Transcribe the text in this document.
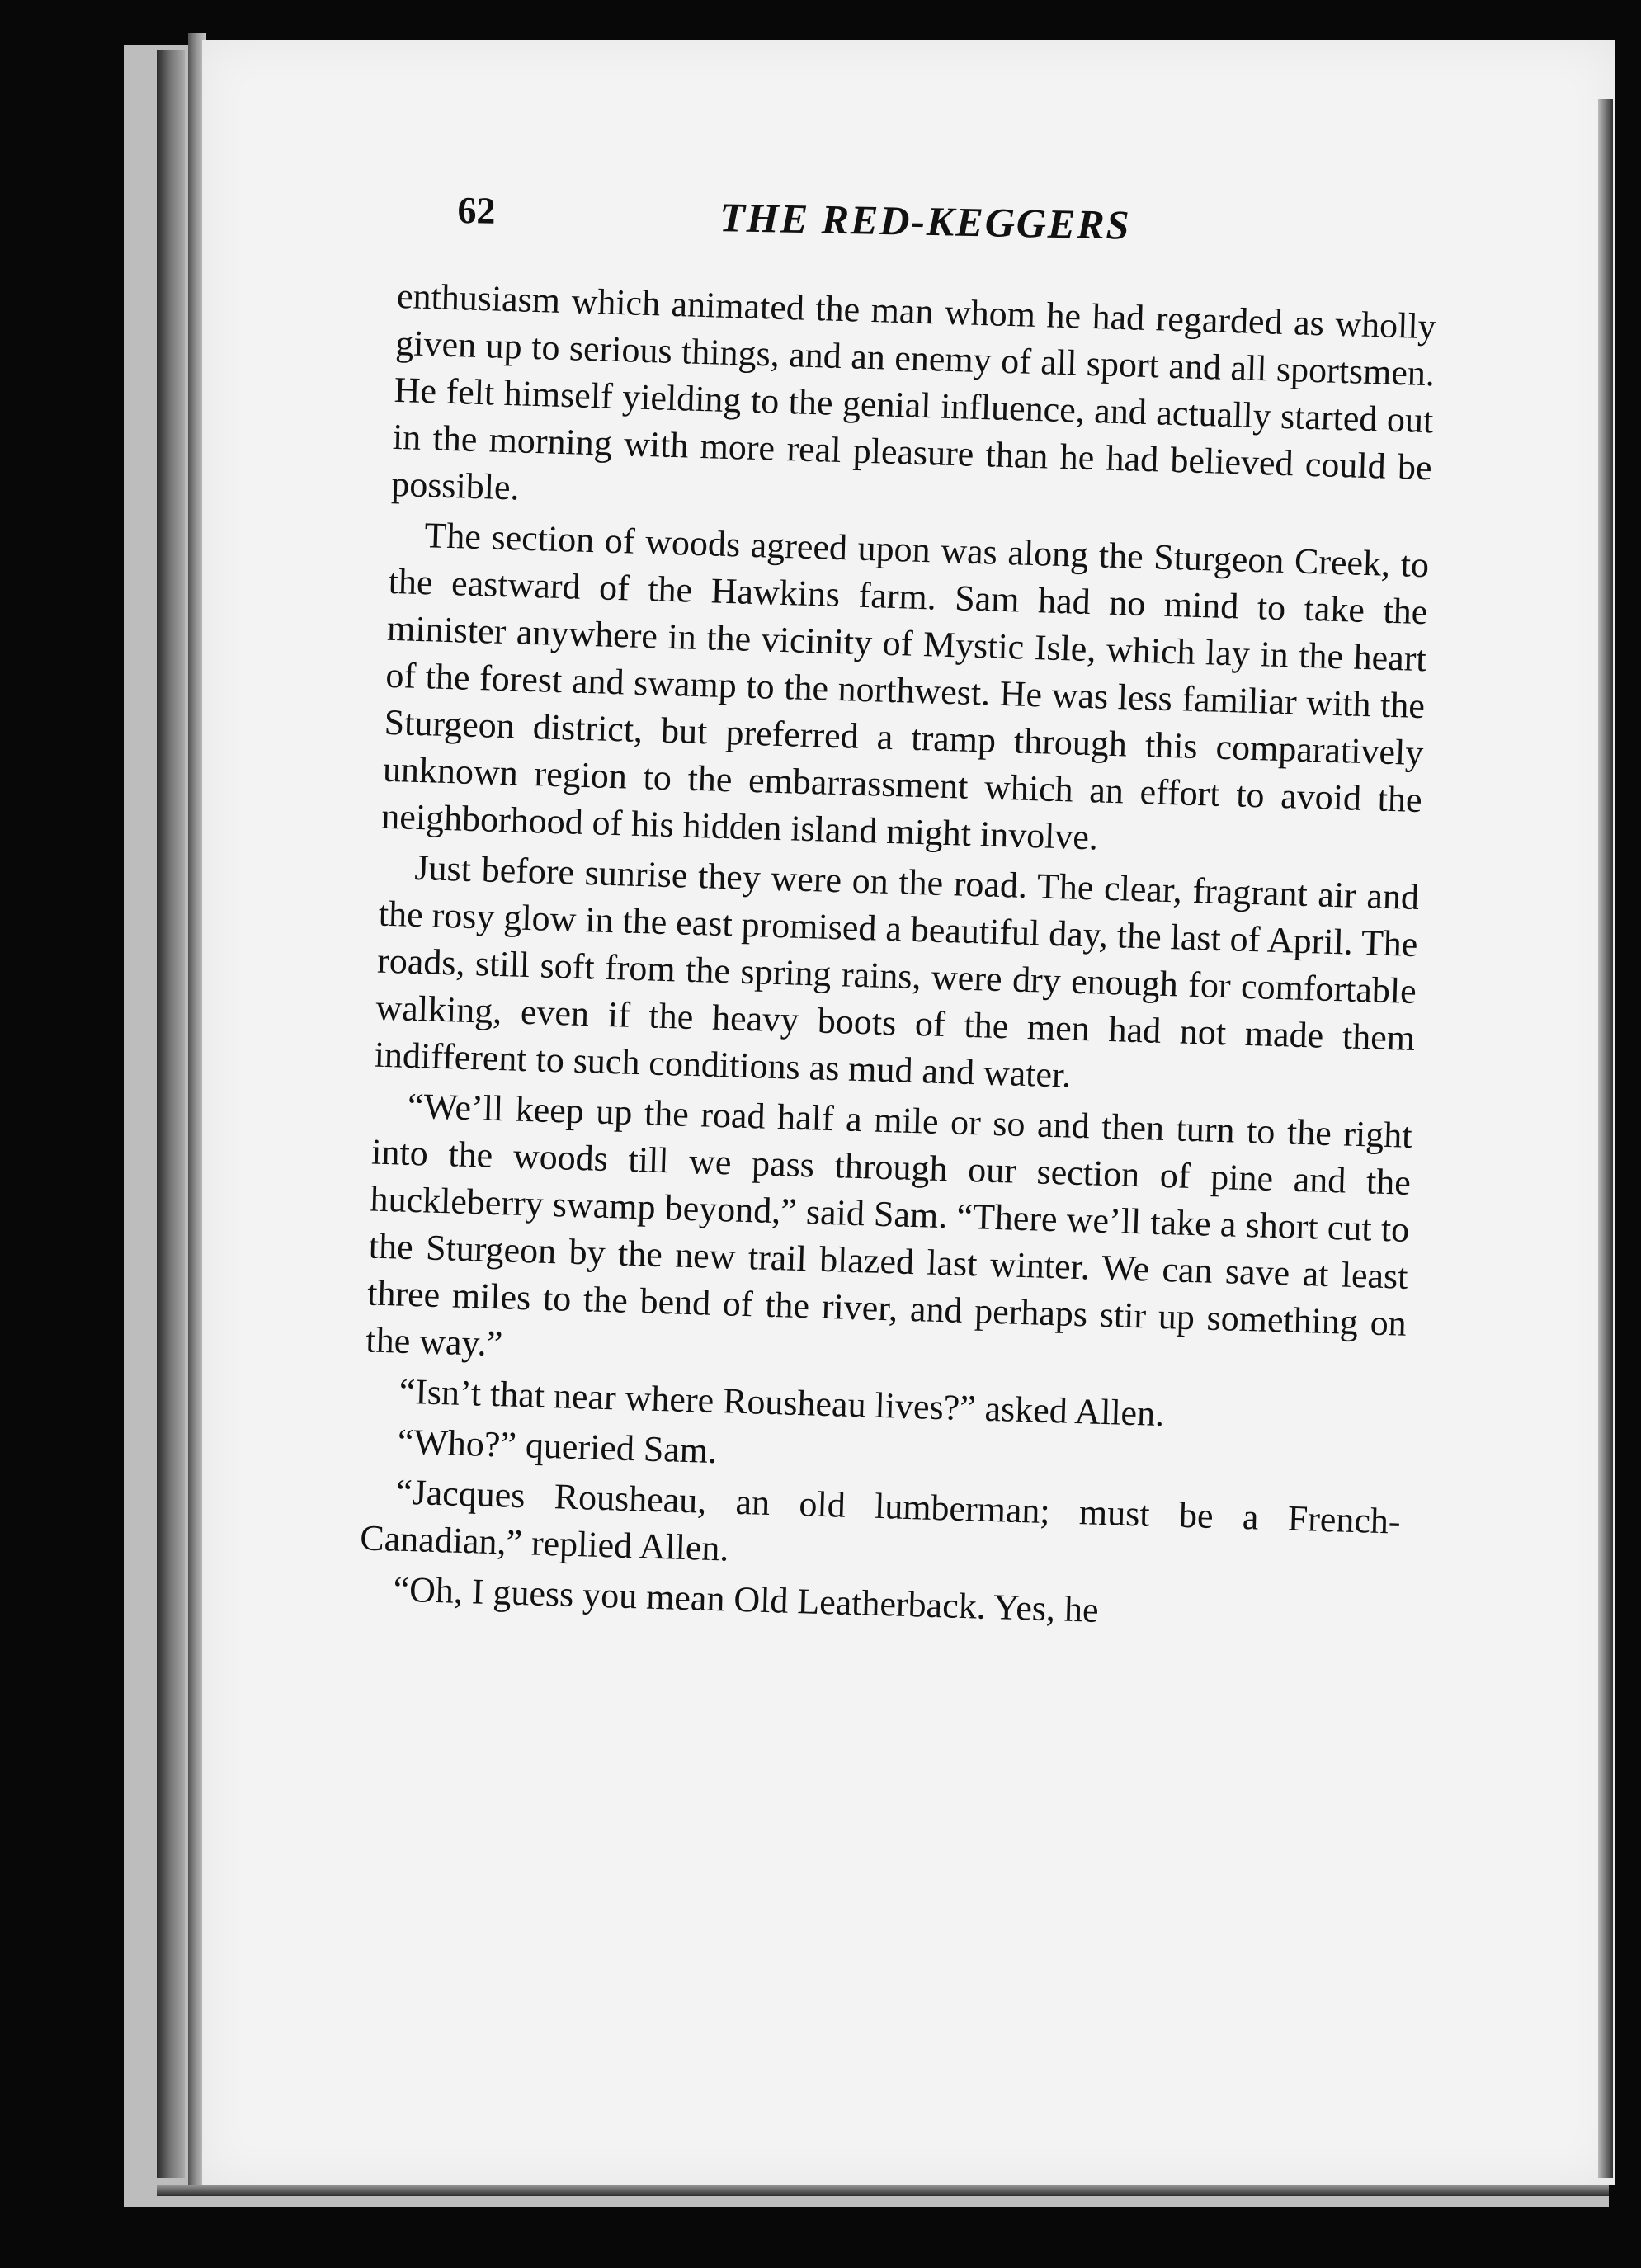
62	THE RED-KEGGERS

enthusiasm which animated the man whom he had regarded as wholly given up to serious things, and an enemy of all sport and all sportsmen. He felt himself yielding to the genial influence, and actually started out in the morning with more real pleasure than he had believed could be possible.

The section of woods agreed upon was along the Sturgeon Creek, to the eastward of the Hawkins farm. Sam had no mind to take the minister anywhere in the vicinity of Mystic Isle, which lay in the heart of the forest and swamp to the northwest. He was less familiar with the Sturgeon district, but preferred a tramp through this comparatively unknown region to the embarrassment which an effort to avoid the neighborhood of his hidden island might involve.

Just before sunrise they were on the road. The clear, fragrant air and the rosy glow in the east promised a beautiful day, the last of April. The roads, still soft from the spring rains, were dry enough for comfortable walking, even if the heavy boots of the men had not made them indifferent to such conditions as mud and water.

“We’ll keep up the road half a mile or so and then turn to the right into the woods till we pass through our section of pine and the huckleberry swamp beyond,” said Sam. “There we’ll take a short cut to the Sturgeon by the new trail blazed last winter. We can save at least three miles to the bend of the river, and perhaps stir up something on the way.”

“Isn’t that near where Rousheau lives?” asked Allen.

“Who?” queried Sam.

“Jacques Rousheau, an old lumberman; must be a French-Canadian,” replied Allen.

“Oh, I guess you mean Old Leatherback. Yes, he
